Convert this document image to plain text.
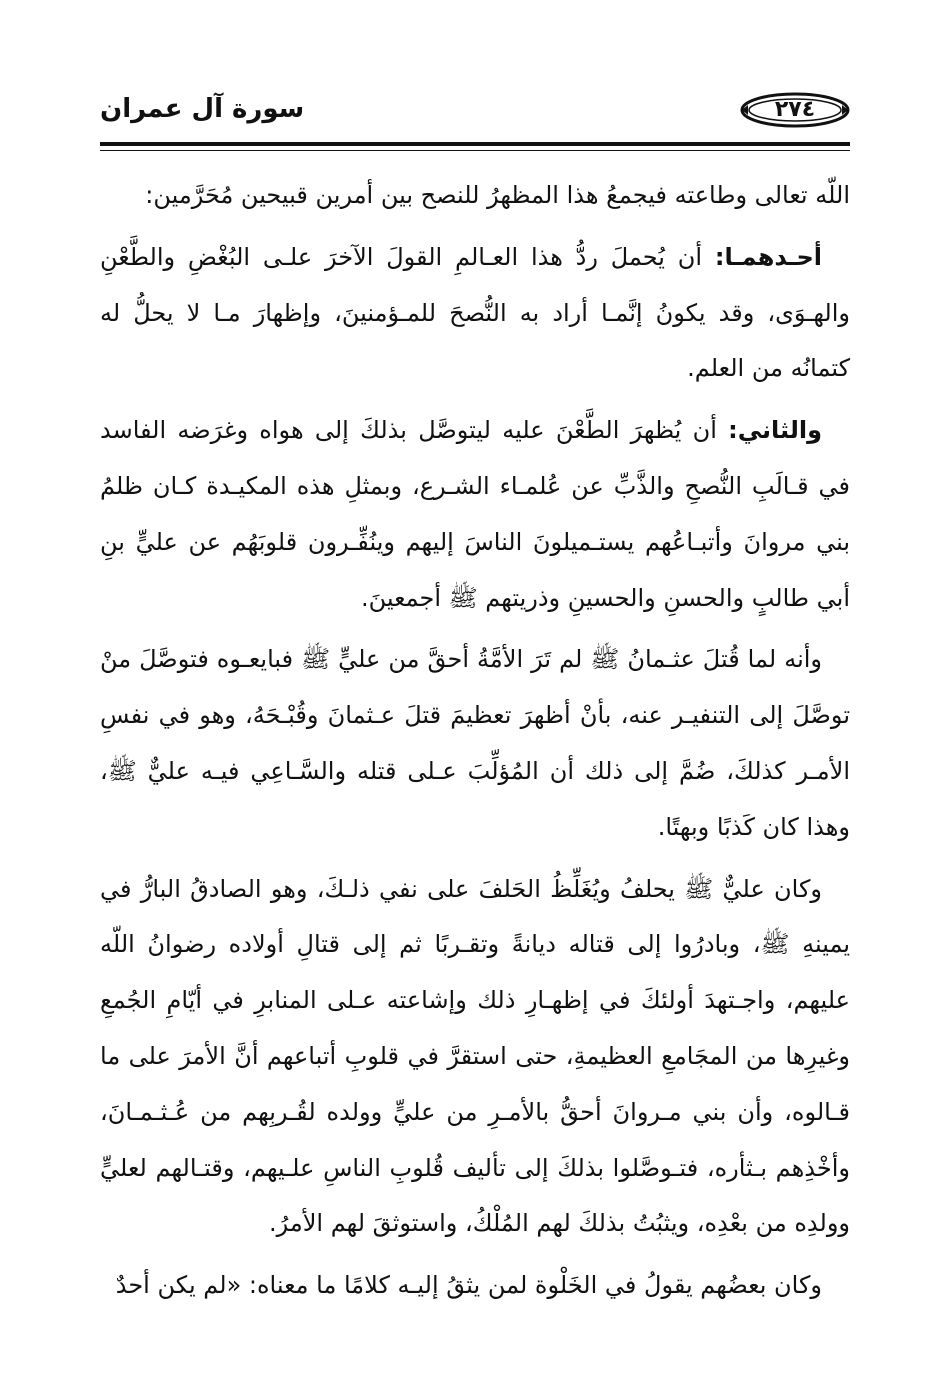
سورة آل عمران	٢٧٤

اللّه تعالى وطاعته فيجمعُ هذا المظهرُ للنصح بين أمرين قبيحين مُحَرَّمين:

أحـدهمـا: أن يُحملَ ردُّ هذا العـالمِ القولَ الآخرَ علـى البُغْضِ والطَّعْنِ والهـوَى، وقد يكونُ إنَّمـا أراد به النُّصحَ للمـؤمنينَ، وإظهارَ مـا لا يحلُّ له كتمانُه من العلم.

والثاني: أن يُظهرَ الطَّعْنَ عليه ليتوصَّل بذلكَ إلى هواه وغرَضه الفاسد في قـالَبِ النُّصحِ والذَّبِّ عن عُلمـاء الشـرع، وبمثلِ هذه المكيـدة كـان ظلمُ بني مروانَ وأتبـاعُهم يستـميلونَ الناسَ إليهم وينُفِّـرون قلوبَهُم عن عليٍّ بنِ أبي طالبٍ والحسنِ والحسينِ وذريتهم ﷺ أجمعينَ.

وأنه لما قُتلَ عثـمانُ ﷺ لم تَرَ الأمَّةُ أحقَّ من عليٍّ ﷺ فبايعـوه فتوصَّلَ منْ توصَّلَ إلى التنفيـر عنه، بأنْ أظهرَ تعظيمَ قتلَ عـثمانَ وقُبْـحَهُ، وهو في نفسِ الأمـر كذلكَ، ضُمَّ إلى ذلك أن المُؤلِّبَ عـلى قتله والسَّـاعِي فيـه عليٌّ ﷺ، وهذا كان كَذبًا وبهتًا.

وكان عليٌّ ﷺ يحلفُ ويُغَلِّظُ الحَلفَ على نفي ذلـكَ، وهو الصادقُ البارُّ في يمينهِ ﷺ، وبادرُوا إلى قتاله ديانةً وتقـربًا ثم إلى قتالِ أولاده رضوانُ اللّه عليهم، واجـتهدَ أولئكَ في إظهـارِ ذلك وإشاعته عـلى المنابرِ في أيّامِ الجُمعِ وغيرِها من المجَامعِ العظيمةِ، حتى استقرَّ في قلوبِ أتباعهم أنَّ الأمرَ على ما قـالوه، وأن بني مـروانَ أحقُّ بالأمـرِ من عليٍّ وولده لقُـربِهم من عُـثـمـانَ، وأخْذِهم بـثأره، فتـوصَّلوا بذلكَ إلى تأليف قُلوبِ الناسِ علـيهم، وقتـالهم لعليٍّ وولدِه من بعْدِه، ويثبُتُ بذلكَ لهم المُلْكُ، واستوثقَ لهم الأمرُ.

وكان بعضُهم يقولُ في الخَلْوة لمن يثقُ إليـه كلامًا ما معناه: «لم يكن أحدٌ
